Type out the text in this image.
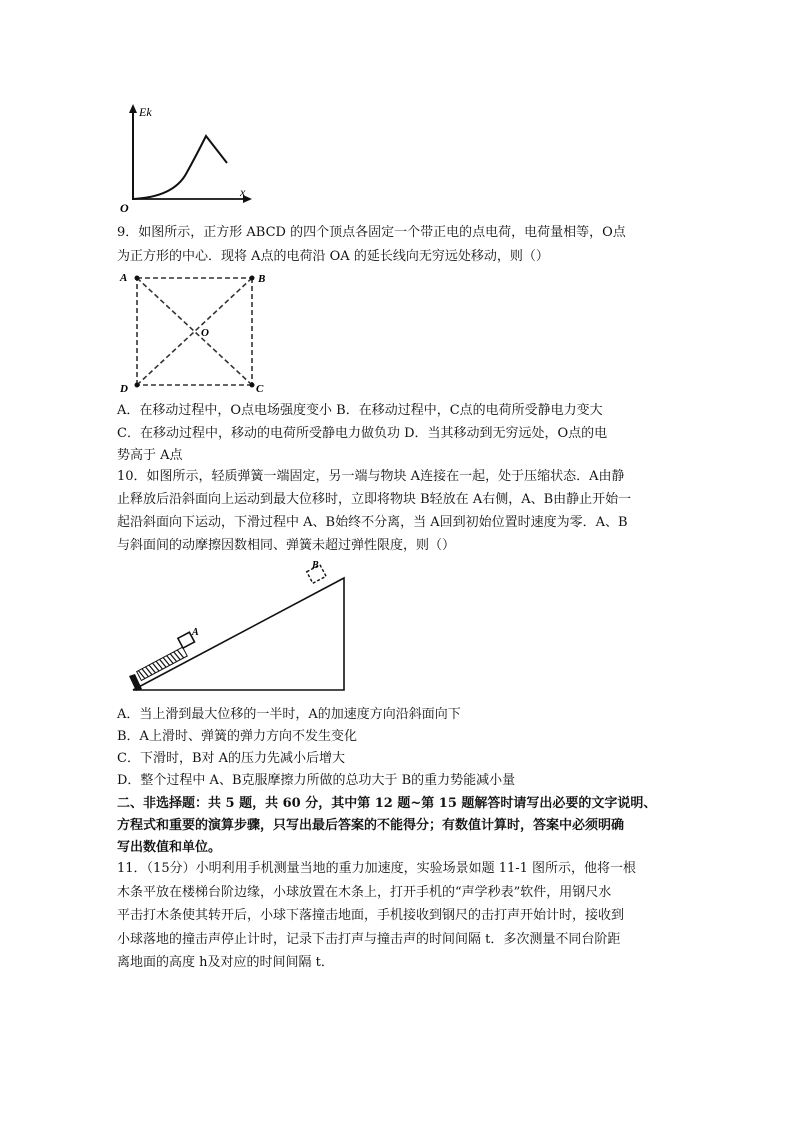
Ek
x
O
9．如图所示，正方形 ABCD 的四个顶点各固定一个带正电的点电荷，电荷量相等，O点
为正方形的中心．现将 A点的电荷沿 OA 的延长线向无穷远处移动，则（）
A	B
C
D
O
A．在移动过程中，O点电场强度变小 B．在移动过程中，C点的电荷所受静电力变大
C．在移动过程中，移动的电荷所受静电力做负功 D．当其移动到无穷远处，O点的电
势高于 A点
10．如图所示，轻质弹簧一端固定，另一端与物块 A连接在一起，处于压缩状态．A由静
止释放后沿斜面向上运动到最大位移时，立即将物块 B轻放在 A右侧，A、B由静止开始一
起沿斜面向下运动，下滑过程中 A、B始终不分离，当 A回到初始位置时速度为零．A、B
与斜面间的动摩擦因数相同、弹簧未超过弹性限度，则（）
A
B
A．当上滑到最大位移的一半时，A的加速度方向沿斜面向下
B．A上滑时、弹簧的弹力方向不发生变化
C．下滑时，B对 A的压力先减小后增大
D．整个过程中 A、B克服摩擦力所做的总功大于 B的重力势能减小量
二、非选择题：共 5 题，共 60 分，其中第 12 题~第 15 题解答时请写出必要的文字说明、
方程式和重要的演算步骤，只写出最后答案的不能得分；有数值计算时，答案中必须明确
写出数值和单位。
11．（15分）小明利用手机测量当地的重力加速度，实验场景如题 11-1 图所示，他将一根
木条平放在楼梯台阶边缘，小球放置在木条上，打开手机的“声学秒表”软件，用钢尺水
平击打木条使其转开后，小球下落撞击地面，手机接收到钢尺的击打声开始计时，接收到
小球落地的撞击声停止计时，记录下击打声与撞击声的时间间隔 t．多次测量不同台阶距
离地面的高度 h及对应的时间间隔 t．
